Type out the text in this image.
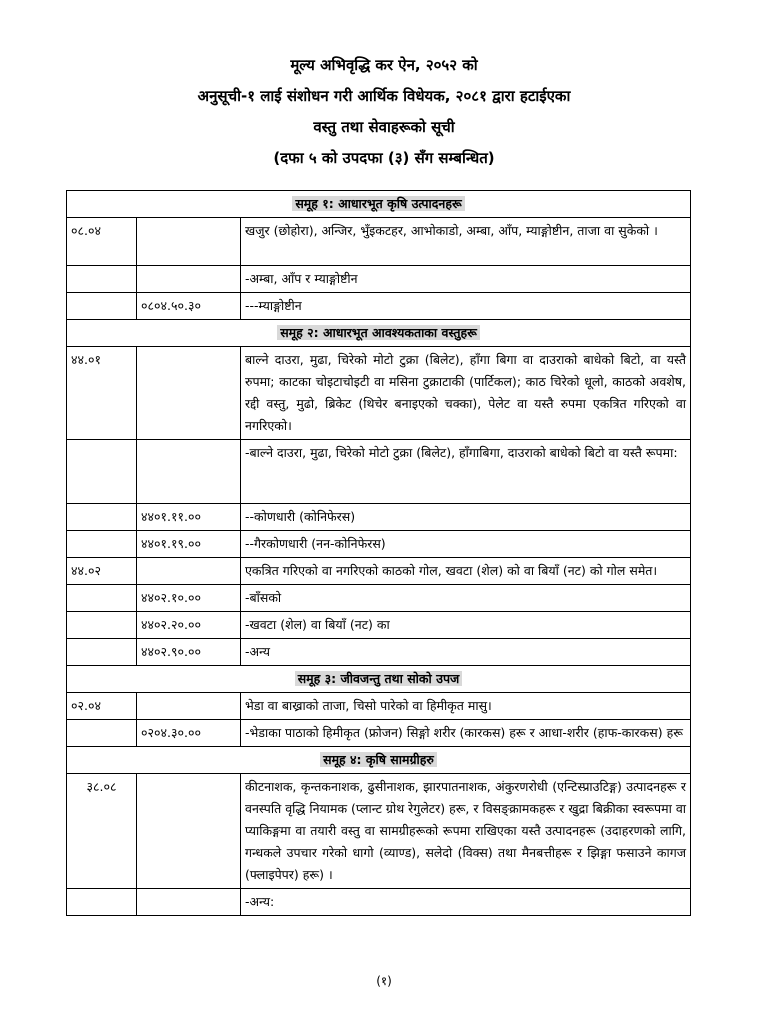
मूल्य अभिवृद्धि कर ऐन, २०५२ को
अनुसूची-१ लाई संशोधन गरी आर्थिक विधेयक, २०८१ द्वारा हटाईएका
वस्तु तथा सेवाहरूको सूची
(दफा ५ को उपदफा (३) सँग सम्बन्धित)
समूह १: आधारभूत कृषि उत्पादनहरू		
०८.०४		खजुर (छोहोरा), अन्जिर, भुँइकटहर, आभोकाडो, अम्बा, आँप, म्याङ्गोष्टीन, ताजा वा सुकेको ।
		-अम्बा, आँप र म्याङ्गोष्टीन
	०८०४.५०.३०	---म्याङ्गोष्टीन
समूह २: आधारभूत आवश्यकताका वस्तुहरू		
४४.०१		बाल्ने दाउरा, मुढा, चिरेको मोटो टुक्रा (बिलेट), हाँगा बिगा वा दाउराको बाधेको बिटो, वा यस्तै रुपमा; काटका चोइटाचोइटी वा मसिना टुक्राटाकी (पार्टिकल); काठ चिरेको धूलो, काठको अवशेष, रद्दी वस्तु, मुढो, ब्रिकेट (थिचेर बनाइएको चक्का), पेलेट वा यस्तै रुपमा एकत्रित गरिएको वा नगरिएको।
		-बाल्ने दाउरा, मुढा, चिरेको मोटो टुक्रा (बिलेट), हाँगाबिगा, दाउराको बाधेको बिटो वा यस्तै रूपमा:
	४४०१.११.००	--कोणधारी (कोनिफेरस)
	४४०१.१९.००	--गैरकोणधारी (नन-कोनिफेरस)
४४.०२		एकत्रित गरिएको वा नगरिएको काठको गोल, खवटा (शेल) को वा बियाँ (नट) को गोल समेत।
	४४०२.१०.००	-बाँसको
	४४०२.२०.००	-खवटा (शेल) वा बियाँ (नट) का
	४४०२.९०.००	-अन्य
समूह ३: जीवजन्तु तथा सोको उपज		
०२.०४		भेडा वा बाख्राको ताजा, चिसो पारेको वा हिमीकृत मासु।
	०२०४.३०.००	-भेडाका पाठाको हिमीकृत (फ्रोजन) सिङ्गो शरीर (कारकस) हरू र आधा-शरीर (हाफ-कारकस) हरू
समूह ४: कृषि सामग्रीहरु		
३८.०८		कीटनाशक, कृन्तकनाशक, ढुसीनाशक, झारपातनाशक, अंकुरणरोधी (एन्टिस्प्राउटिङ्ग) उत्पादनहरू र वनस्पति वृद्धि नियामक (प्लान्ट ग्रोथ रेगुलेटर) हरू, र विसङ्क्रामकहरू र खुद्रा बिक्रीका स्वरूपमा वा प्याकिङ्गमा वा तयारी वस्तु वा सामग्रीहरूको रूपमा राखिएका यस्तै उत्पादनहरू (उदाहरणको लागि, गन्धकले उपचार गरेको धागो (व्याण्ड), सलेदो (विक्स) तथा मैनबत्तीहरू र झिङ्गा फसाउने कागज (फ्लाइपेपर) हरू) ।
		-अन्य:
(१)
